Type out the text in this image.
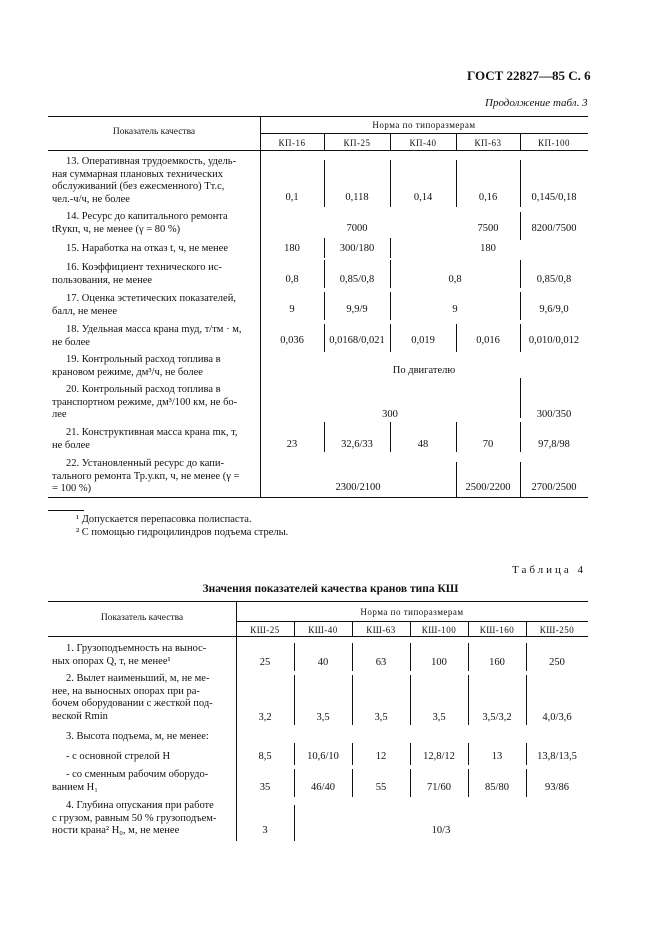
ГОСТ 22827—85 С. 6
Продолжение табл. 3
Показатель качества
Норма по типоразмерам
КП-16	КП-25	КП-40	КП-63	КП-100
13. Оперативная трудоемкость, удель-
ная суммарная плановых технических
обслуживаний (без ежесменного) Тт.с,
чел.-ч/ч, не более	0,1	0,118	0,14	0,16	0,145/0,18
14. Ресурс до капитального ремонта
tRукп, ч, не менее (γ = 80 %)	7000	7500	8200/7500
15. Наработка на отказ t, ч, не менее	180	300/180	180
16. Коэффициент технического ис-
пользования, не менее	0,8	0,85/0,8	0,8	0,85/0,8
17. Оценка эстетических показателей,
балл, не менее	9	9,9/9	9	9,6/9,0
18. Удельная масса крана mуд, т/тм · м,
не более	0,036	0,0168/0,021	0,019	0,016	0,010/0,012
19. Контрольный расход топлива в
крановом режиме, дм³/ч, не более	По двигателю
20. Контрольный расход топлива в
транспортном режиме, дм³/100 км, не бо-
лее	300	300/350
21. Конструктивная масса крана mк, т,
не более	23	32,6/33	48	70	97,8/98
22. Установленный ресурс до капи-
тального ремонта Тр.у.кп, ч, не менее (γ =
= 100 %)	2300/2100	2500/2200	2700/2500
¹ Допускается перепасовка полиспаста.
² С помощью гидроцилиндров подъема стрелы.
Таблица 4
Значения показателей качества кранов типа КШ
Показатель качества
Норма по типоразмерам
КШ-25	КШ-40	КШ-63	КШ-100	КШ-160	КШ-250
1. Грузоподъемность на вынос-
ных опорах Q, т, не менее¹	25	40	63	100	160	250
2. Вылет наименьший, м, не ме-
нее, на выносных опорах при ра-
бочем оборудовании с жесткой под-
веской Rmin	3,2	3,5	3,5	3,5	3,5/3,2	4,0/3,6
3. Высота подъема, м, не менее:
- с основной стрелой Н	8,5	10,6/10	12	12,8/12	13	13,8/13,5
- со сменным рабочим оборудо-
ванием Н₁	35	46/40	55	71/60	85/80	93/86
4. Глубина опускания при работе
с грузом, равным 50 % грузоподъем-
ности крана² Н₀, м, не менее	3	10/3
